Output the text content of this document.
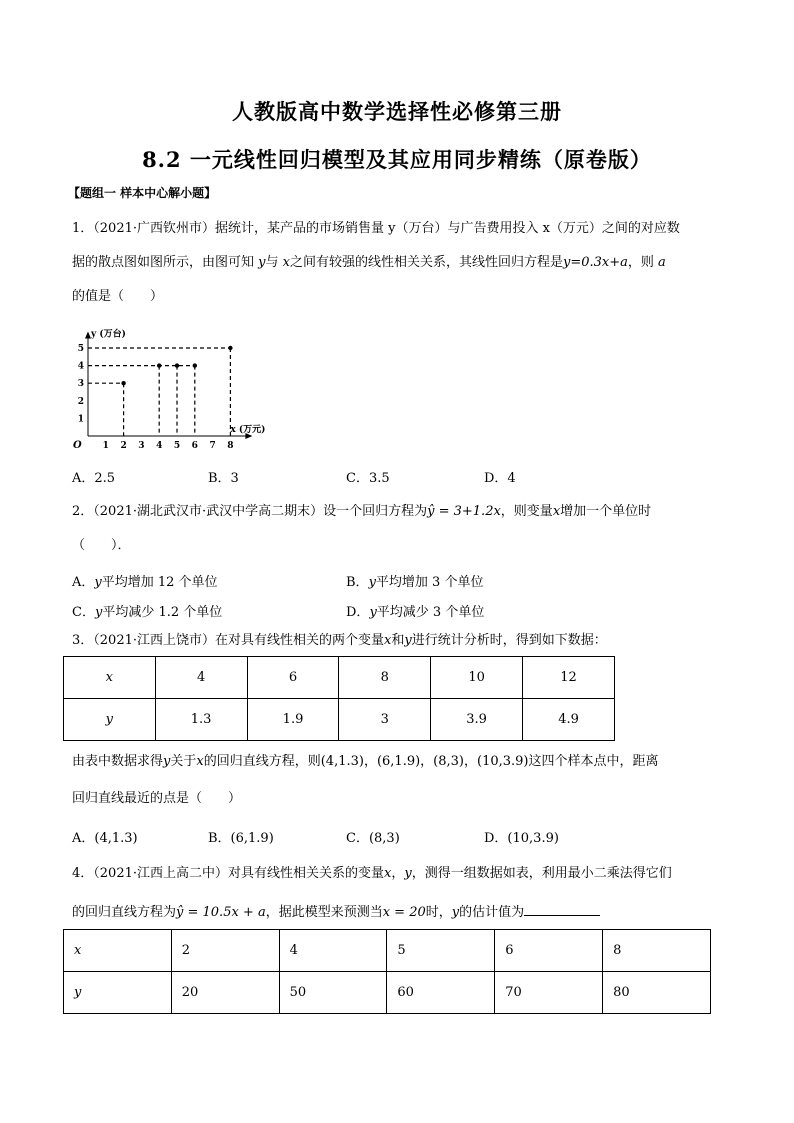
人教版高中数学选择性必修第三册
8.2 一元线性回归模型及其应用同步精练（原卷版）
【题组一 样本中心解小题】
1．（2021·广西钦州市）据统计，某产品的市场销售量 y（万台）与广告费用投入 x（万元）之间的对应数
据的散点图如图所示，由图可知 y与 x之间有较强的线性相关关系，其线性回归方程是y=0.3x+a，则 a
的值是（　　）
O
x (万元)
y (万台)
1 2 3 4 5 6 7 8
1
2
3
4
5
A．2.5	B．3	C．3.5	D．4
2．（2021·湖北武汉市·武汉中学高二期末）设一个回归方程为ŷ = 3+1.2x，则变量x增加一个单位时
（　　）．
A．y平均增加 12 个单位	B．y平均增加 3 个单位
C．y平均减少 1.2 个单位	D．y平均减少 3 个单位
3．（2021·江西上饶市）在对具有线性相关的两个变量x和y进行统计分析时，得到如下数据：
x	4	6	8	10	12
y	1.3	1.9	3	3.9	4.9
由表中数据求得y关于x的回归直线方程，则(4,1.3)，(6,1.9)，(8,3)，(10,3.9)这四个样本点中，距离
回归直线最近的点是（　　）
A．(4,1.3)	B．(6,1.9)	C．(8,3)	D．(10,3.9)
4．（2021·江西上高二中）对具有线性相关关系的变量x，y，测得一组数据如表，利用最小二乘法得它们
的回归直线方程为ŷ = 10.5x + a，据此模型来预测当x = 20时，y的估计值为
x	2	4	5	6	8
y	20	50	60	70	80
